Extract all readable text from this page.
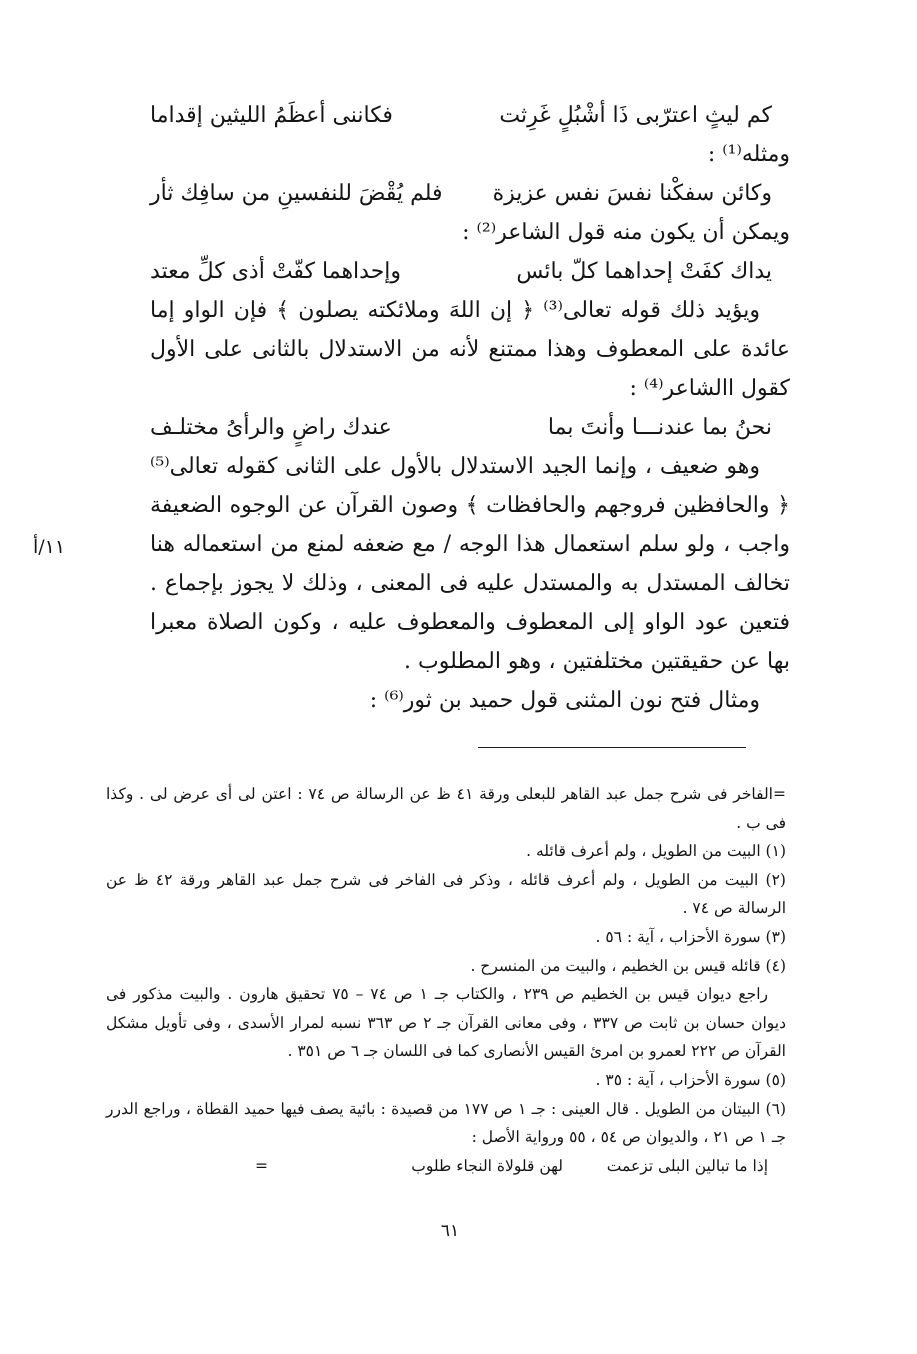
كم ليثٍ اعترّبى ذَا أشْبُلٍ غَرِثت
فكاننى أعظَمُ الليثين إقداما

ومثله⁽¹⁾ :

وكائن سفكْنا نفسَ نفس عزيزة
فلم يُقْضَ للنفسينِ من سافِك ثأر

ويمكن أن يكون منه قول الشاعر⁽²⁾ :

يداك كفَتْ إحداهما كلّ بائس
وإحداهما كفّتْ أذى كلِّ معتد

ويؤيد ذلك قوله تعالى⁽³⁾ ﴿ إن اللهَ وملائكته يصلون ﴾ فإن الواو إما عائدة على المعطوف وهذا ممتنع لأنه من الاستدلال بالثانى على الأول كقول االشاعر⁽⁴⁾ :

نحنُ بما عندنـــا وأنتَ بما
عندك راضٍ والرأىُ مختلـف

وهو ضعيف ، وإنما الجيد الاستدلال بالأول على الثانى كقوله تعالى⁽⁵⁾ ﴿ والحافظين فروجهم والحافظات ﴾ وصون القرآن عن الوجوه الضعيفة واجب ، ولو سلم استعمال هذا الوجه / مع ضعفه لمنع من استعماله هنا تخالف المستدل به والمستدل عليه فى المعنى ، وذلك لا يجوز بإجماع . فتعين عود الواو إلى المعطوف والمعطوف عليه ، وكون الصلاة معبرا بها عن حقيقتين مختلفتين ، وهو المطلوب .

ومثال فتح نون المثنى قول حميد بن ثور⁽⁶⁾ :

١١/أ

=الفاخر فى شرح جمل عبد القاهر للبعلى ورقة ٤١ ظ عن الرسالة ص ٧٤ : اعتن لى أى عرض لى . وكذا فى ب .

(١) البيت من الطويل ، ولم أعرف قائله .

(٢) البيت من الطويل ، ولم أعرف قائله ، وذكر فى الفاخر فى شرح جمل عبد القاهر ورقة ٤٢ ظ عن الرسالة ص ٧٤ .

(٣) سورة الأحزاب ، آية : ٥٦ .

(٤) قائله قيس بن الخطيم ، والبيت من المنسرح .

راجع ديوان قيس بن الخطيم ص ٢٣٩ ، والكتاب جـ ١ ص ٧٤ – ٧٥ تحقيق هارون . والبيت مذكور فى ديوان حسان بن ثابت ص ٣٣٧ ، وفى معانى القرآن جـ ٢ ص ٣٦٣ نسبه لمرار الأسدى ، وفى تأويل مشكل القرآن ص ٢٢٢ لعمرو بن امرئ القيس الأنصارى كما فى اللسان جـ ٦ ص ٣٥١ .

(٥) سورة الأحزاب ، آية : ٣٥ .

(٦) البيتان من الطويل . قال العينى : جـ ١ ص ١٧٧ من قصيدة : بائية يصف فيها حميد القطاة ، وراجع الدرر جـ ١ ص ٢١ ، والديوان ص ٥٤ ، ٥٥ ورواية الأصل :

إذا ما تبالين البلى تزعمت
لهن قلولاة النجاء طلوب
=
٦١
